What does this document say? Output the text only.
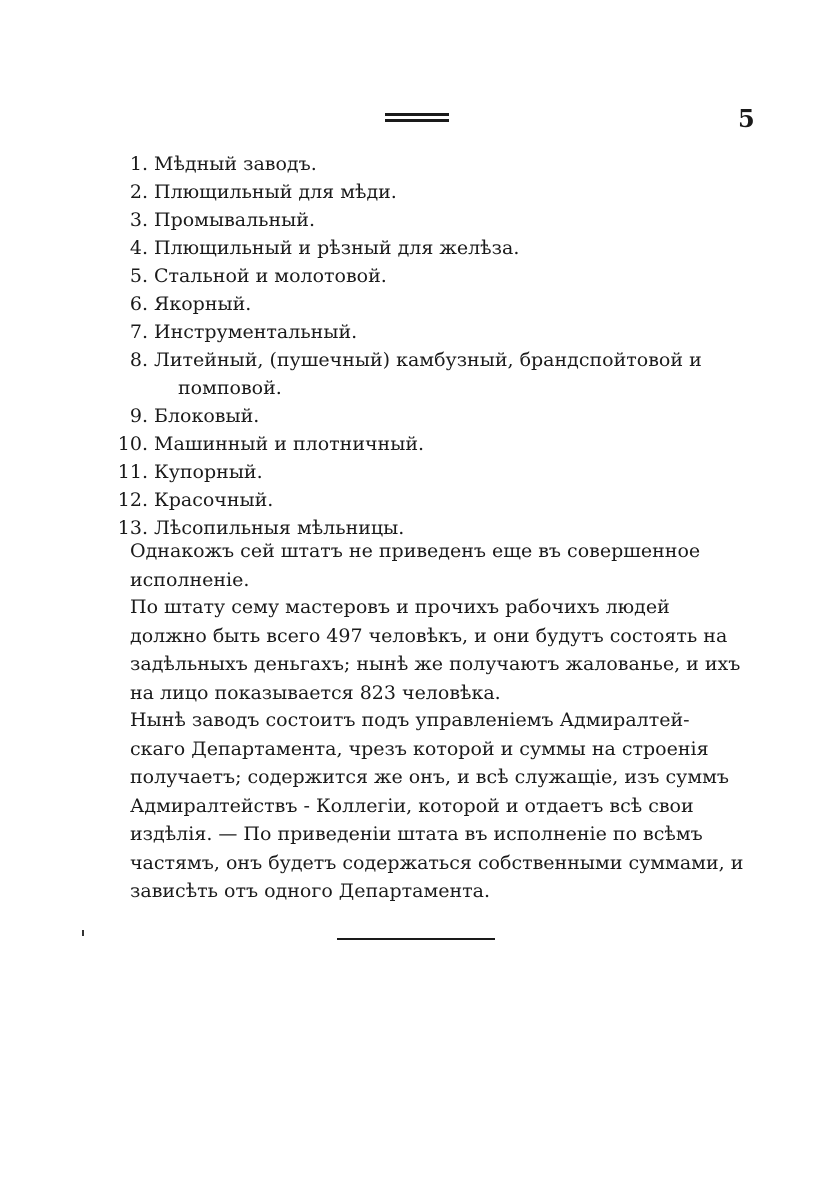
5
1. Мѣдный заводъ.
2. Плющильный для мѣди.
3. Промывальный.
4. Плющильный и рѣзный для желѣза.
5. Стальной и молотовой.
6. Якорный.
7. Инструментальный.
8. Литейный, (пушечный) камбузный, брандспойтовой и
помповой.
9. Блоковый.
10. Машинный и плотничный.
11. Купорный.
12. Красочный.
13. Лѣсопильныя мѣльницы.

Однакожъ сей штатъ не приведенъ еще въ совершенное
исполненіе.

По штату сему мастеровъ и прочихъ рабочихъ людей
должно быть всего 497 человѣкъ, и они будутъ состоять на
задѣльныхъ деньгахъ; нынѣ же получаютъ жалованье, и ихъ
на лицо показывается 823 человѣка.

Нынѣ заводъ состоитъ подъ управленіемъ Адмиралтей-
скаго Департамента, чрезъ которой и суммы на строенія
получаетъ; содержится же онъ, и всѣ служащіе, изъ суммъ
Адмиралтействъ - Коллегіи, которой и отдаетъ всѣ свои
издѣлія. — По приведеніи штата въ исполненіе по всѣмъ
частямъ, онъ будетъ содержаться собственными суммами, и
зависѣть отъ одного Департамента.
